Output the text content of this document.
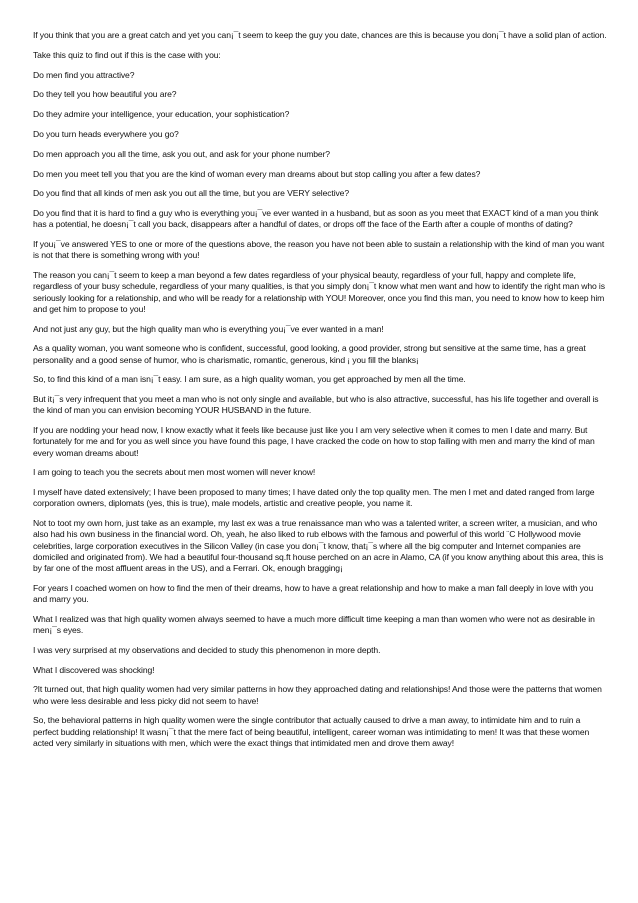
If you think that you are a great catch and yet you can¡¯t seem to keep the guy you date, chances are this is because you don¡¯t have a solid plan of action.

Take this quiz to find out if this is the case with you:

Do men find you attractive?

Do they tell you how beautiful you are?

Do they admire your intelligence, your education, your sophistication?

Do you turn heads everywhere you go?

Do men approach you all the time, ask you out, and ask for your phone number?

Do men you meet tell you that you are the kind of woman every man dreams about but stop calling you after a few dates?

Do you find that all kinds of men ask you out all the time, but you are VERY selective?

Do you find that it is hard to find a guy who is everything you¡¯ve ever wanted in a husband, but as soon as you meet that EXACT kind of a man you think has a potential, he doesn¡¯t call you back, disappears after a handful of dates, or drops off the face of the Earth after a couple of months of dating?

If you¡¯ve answered YES to one or more of the questions above, the reason you have not been able to sustain a relationship with the kind of man you want is not that there is something wrong with you!

The reason you can¡¯t seem to keep a man beyond a few dates regardless of your physical beauty, regardless of your full, happy and complete life, regardless of your busy schedule, regardless of your many qualities, is that you simply don¡¯t know what men want and how to identify the right man who is seriously looking for a relationship, and who will be ready for a relationship with YOU! Moreover, once you find this man, you need to know how to keep him and get him to propose to you!

And not just any guy, but the high quality man who is everything you¡¯ve ever wanted in a man!

As a quality woman, you want someone who is confident, successful, good looking, a good provider, strong but sensitive at the same time, has a great personality and a good sense of humor, who is charismatic, romantic, generous, kind ¡ you fill the blanks¡

So, to find this kind of a man isn¡¯t easy. I am sure, as a high quality woman, you get approached by men all the time.

But it¡¯s very infrequent that you meet a man who is not only single and available, but who is also attractive, successful, has his life together and overall is the kind of man you can envision becoming YOUR HUSBAND in the future.

If you are nodding your head now, I know exactly what it feels like because just like you I am very selective when it comes to men I date and marry. But fortunately for me and for you as well since you have found this page, I have cracked the code on how to stop failing with men and marry the kind of man every woman dreams about!

I am going to teach you the secrets about men most women will never know!

I myself have dated extensively; I have been proposed to many times; I have dated only the top quality men. The men I met and dated ranged from large corporation owners, diplomats (yes, this is true), male models, artistic and creative people, you name it.

Not to toot my own horn, just take as an example, my last ex was a true renaissance man who was a talented writer, a screen writer, a musician, and who also had his own business in the financial word. Oh, yeah, he also liked to rub elbows with the famous and powerful of this world ¨C Hollywood movie celebrities, large corporation executives in the Silicon Valley (in case you don¡¯t know, that¡¯s where all the big computer and Internet companies are domiciled and originated from). We had a beautiful four-thousand sq.ft house perched on an acre in Alamo, CA (if you know anything about this area, this is by far one of the most affluent areas in the US), and a Ferrari. Ok, enough bragging¡

For years I coached women on how to find the men of their dreams, how to have a great relationship and how to make a man fall deeply in love with you and marry you.

What I realized was that high quality women always seemed to have a much more difficult time keeping a man than women who were not as desirable in men¡¯s eyes.

I was very surprised at my observations and decided to study this phenomenon in more depth.

What I discovered was shocking!

?It turned out, that high quality women had very similar patterns in how they approached dating and relationships! And those were the patterns that women who were less desirable and less picky did not seem to have!

So, the behavioral patterns in high quality women were the single contributor that actually caused to drive a man away, to intimidate him and to ruin a perfect budding relationship! It wasn¡¯t that the mere fact of being beautiful, intelligent, career woman was intimidating to men! It was that these women acted very similarly in situations with men, which were the exact things that intimidated men and drove them away!
